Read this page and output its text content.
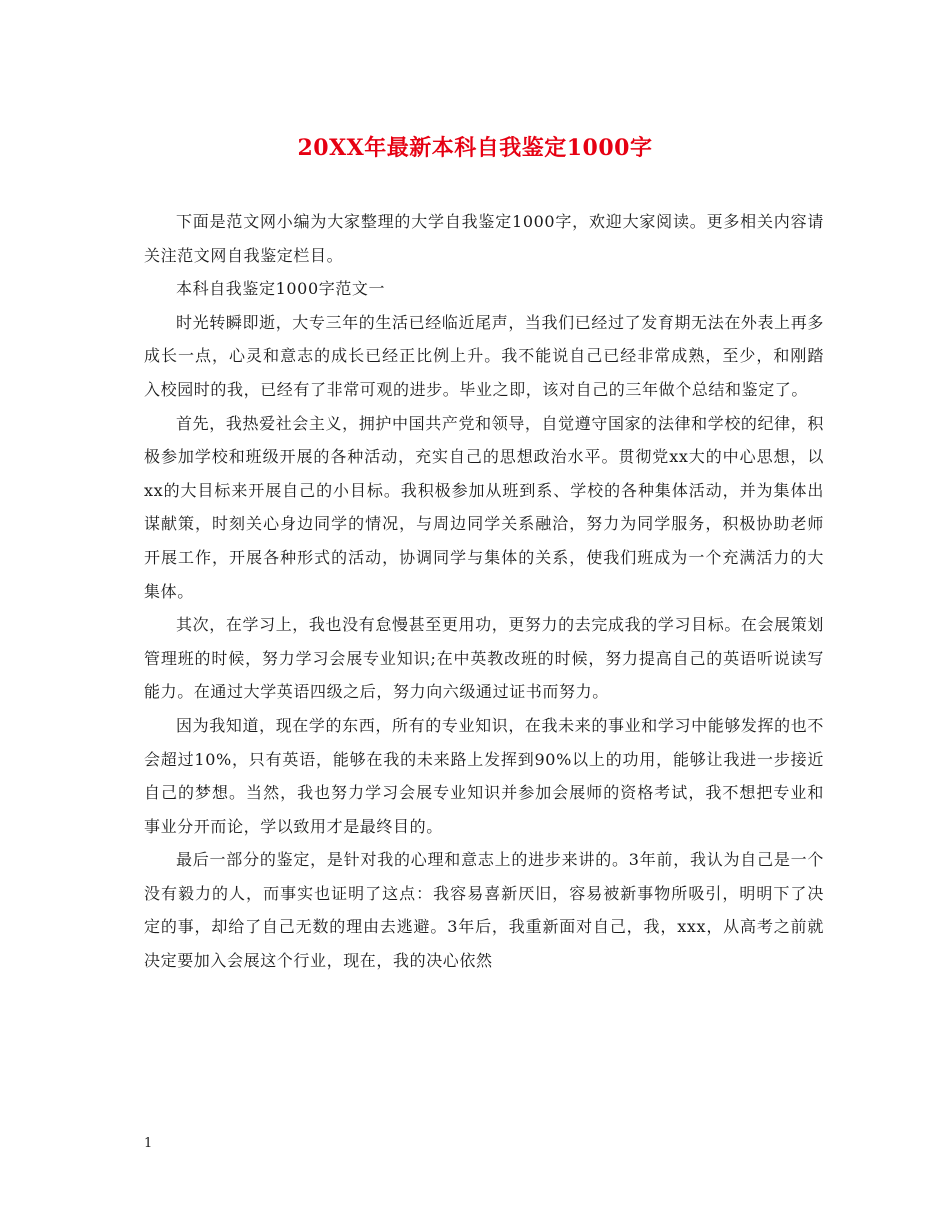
20XX年最新本科自我鉴定1000字

下面是范文网小编为大家整理的大学自我鉴定1000字，欢迎大家阅读。更多相关内容请关注范文网自我鉴定栏目。

本科自我鉴定1000字范文一

时光转瞬即逝，大专三年的生活已经临近尾声，当我们已经过了发育期无法在外表上再多成长一点，心灵和意志的成长已经正比例上升。我不能说自己已经非常成熟，至少，和刚踏入校园时的我，已经有了非常可观的进步。毕业之即，该对自己的三年做个总结和鉴定了。

首先，我热爱社会主义，拥护中国共产党和领导，自觉遵守国家的法律和学校的纪律，积极参加学校和班级开展的各种活动，充实自己的思想政治水平。贯彻党xx大的中心思想，以xx的大目标来开展自己的小目标。我积极参加从班到系、学校的各种集体活动，并为集体出谋献策，时刻关心身边同学的情况，与周边同学关系融洽，努力为同学服务，积极协助老师开展工作，开展各种形式的活动，协调同学与集体的关系，使我们班成为一个充满活力的大集体。

其次，在学习上，我也没有怠慢甚至更用功，更努力的去完成我的学习目标。在会展策划管理班的时候，努力学习会展专业知识;在中英教改班的时候，努力提高自己的英语听说读写能力。在通过大学英语四级之后，努力向六级通过证书而努力。

因为我知道，现在学的东西，所有的专业知识，在我未来的事业和学习中能够发挥的也不会超过10%，只有英语，能够在我的未来路上发挥到90%以上的功用，能够让我进一步接近自己的梦想。当然，我也努力学习会展专业知识并参加会展师的资格考试，我不想把专业和事业分开而论，学以致用才是最终目的。

最后一部分的鉴定，是针对我的心理和意志上的进步来讲的。3年前，我认为自己是一个没有毅力的人，而事实也证明了这点：我容易喜新厌旧，容易被新事物所吸引，明明下了决定的事，却给了自己无数的理由去逃避。3年后，我重新面对自己，我，xxx，从高考之前就决定要加入会展这个行业，现在，我的决心依然

1
